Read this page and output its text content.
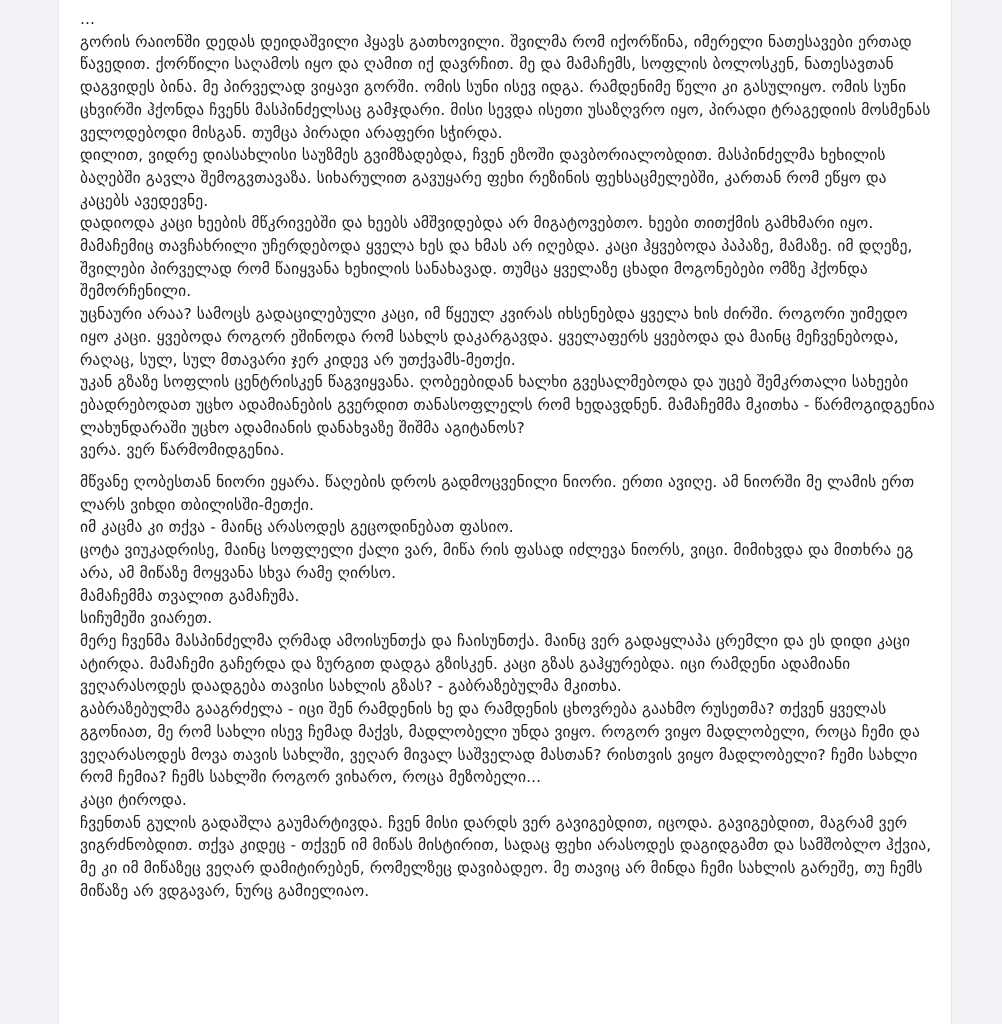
...

გორის რაიონში დედას დეიდაშვილი ჰყავს გათხოვილი. შვილმა რომ იქორწინა, იმერელი ნათესავები ერთად წავედით. ქორწილი საღამოს იყო და ღამით იქ დავრჩით. მე და მამაჩემს, სოფლის ბოლოსკენ, ნათესავთან დაგვიდეს ბინა. მე პირველად ვიყავი გორში. ომის სუნი ისევ იდგა. რამდენიმე წელი კი გასულიყო. ომის სუნი ცხვირში ჰქონდა ჩვენს მასპინძელსაც გამჯდარი. მისი სევდა ისეთი უსაზღვრო იყო, პირადი ტრაგედიის მოსმენას ველოდებოდი მისგან. თუმცა პირადი არაფერი სჭირდა.

დილით, ვიდრე დიასახლისი საუზმეს გვიმზადებდა, ჩვენ ეზოში დავბორიალობდით. მასპინძელმა ხეხილის ბაღებში გავლა შემოგვთავაზა. სიხარულით გავუყარე ფეხი რეზინის ფეხსაცმელებში, კართან რომ ეწყო და კაცებს ავედევნე.

დადიოდა კაცი ხეების მწკრივებში და ხეებს ამშვიდებდა არ მიგატოვებთო. ხეები თითქმის გამხმარი იყო. მამაჩემიც თავჩახრილი უჩერდებოდა ყველა ხეს და ხმას არ იღებდა. კაცი ჰყვებოდა პაპაზე, მამაზე. იმ დღეზე, შვილები პირველად რომ წაიყვანა ხეხილის სანახავად. თუმცა ყველაზე ცხადი მოგონებები ომზე ჰქონდა შემორჩენილი.

უცნაური არაა? სამოცს გადაცილებული კაცი, იმ წყეულ კვირას იხსენებდა ყველა ხის ძირში. როგორი უიმედო იყო კაცი. ყვებოდა როგორ ეშინოდა რომ სახლს დაკარგავდა. ყველაფერს ყვებოდა და მაინც მეჩვენებოდა, რაღაც, სულ, სულ მთავარი ჯერ კიდევ არ უთქვამს-მეთქი.

უკან გზაზე სოფლის ცენტრისკენ წაგვიყვანა. ღობეებიდან ხალხი გვესალმებოდა და უცებ შემკრთალი სახეები ებადრებოდათ უცხო ადამიანების გვერდით თანასოფლელს რომ ხედავდნენ. მამაჩემმა მკითხა - წარმოგიდგენია ლახუნდარაში უცხო ადამიანის დანახვაზე შიშმა აგიტანოს?

ვერა. ვერ წარმომიდგენია.

მწვანე ღობესთან ნიორი ეყარა. წაღების დროს გადმოცვენილი ნიორი. ერთი ავიღე. ამ ნიორში მე ლამის ერთ ლარს ვიხდი თბილისში-მეთქი.

იმ კაცმა კი თქვა - მაინც არასოდეს გეცოდინებათ ფასიო.

ცოტა ვიუკადრისე, მაინც სოფლელი ქალი ვარ, მიწა რის ფასად იძლევა ნიორს, ვიცი. მიმიხვდა და მითხრა ეგ არა, ამ მიწაზე მოყვანა სხვა რამე ღირსო.

მამაჩემმა თვალით გამაჩუმა.

სიჩუმეში ვიარეთ.

მერე ჩვენმა მასპინძელმა ღრმად ამოისუნთქა და ჩაისუნთქა. მაინც ვერ გადაყლაპა ცრემლი და ეს დიდი კაცი ატირდა. მამაჩემი გაჩერდა და ზურგით დადგა გზისკენ. კაცი გზას გაჰყურებდა. იცი რამდენი ადამიანი ვეღარასოდეს დაადგება თავისი სახლის გზას? - გაბრაზებულმა მკითხა.

გაბრაზებულმა გააგრძელა - იცი შენ რამდენის ხე და რამდენის ცხოვრება გაახმო რუსეთმა? თქვენ ყველას გგონიათ, მე რომ სახლი ისევ ჩემად მაქვს, მადლობელი უნდა ვიყო. როგორ ვიყო მადლობელი, როცა ჩემი და ვეღარასოდეს მოვა თავის სახლში, ვეღარ მივალ საშველად მასთან? რისთვის ვიყო მადლობელი? ჩემი სახლი რომ ჩემია? ჩემს სახლში როგორ ვიხარო, როცა მეზობელი...

კაცი ტიროდა.

ჩვენთან გულის გადაშლა გაუმარტივდა. ჩვენ მისი დარდს ვერ გავიგებდით, იცოდა. გავიგებდით, მაგრამ ვერ ვიგრძნობდით. თქვა კიდეც - თქვენ იმ მიწას მისტირით, სადაც ფეხი არასოდეს დაგიდგამთ და სამშობლო ჰქვია, მე კი იმ მიწაზეც ვეღარ დამიტირებენ, რომელზეც დავიბადეო. მე თავიც არ მინდა ჩემი სახლის გარეშე, თუ ჩემს მიწაზე არ ვდგავარ, ნურც გამიელიაო.
